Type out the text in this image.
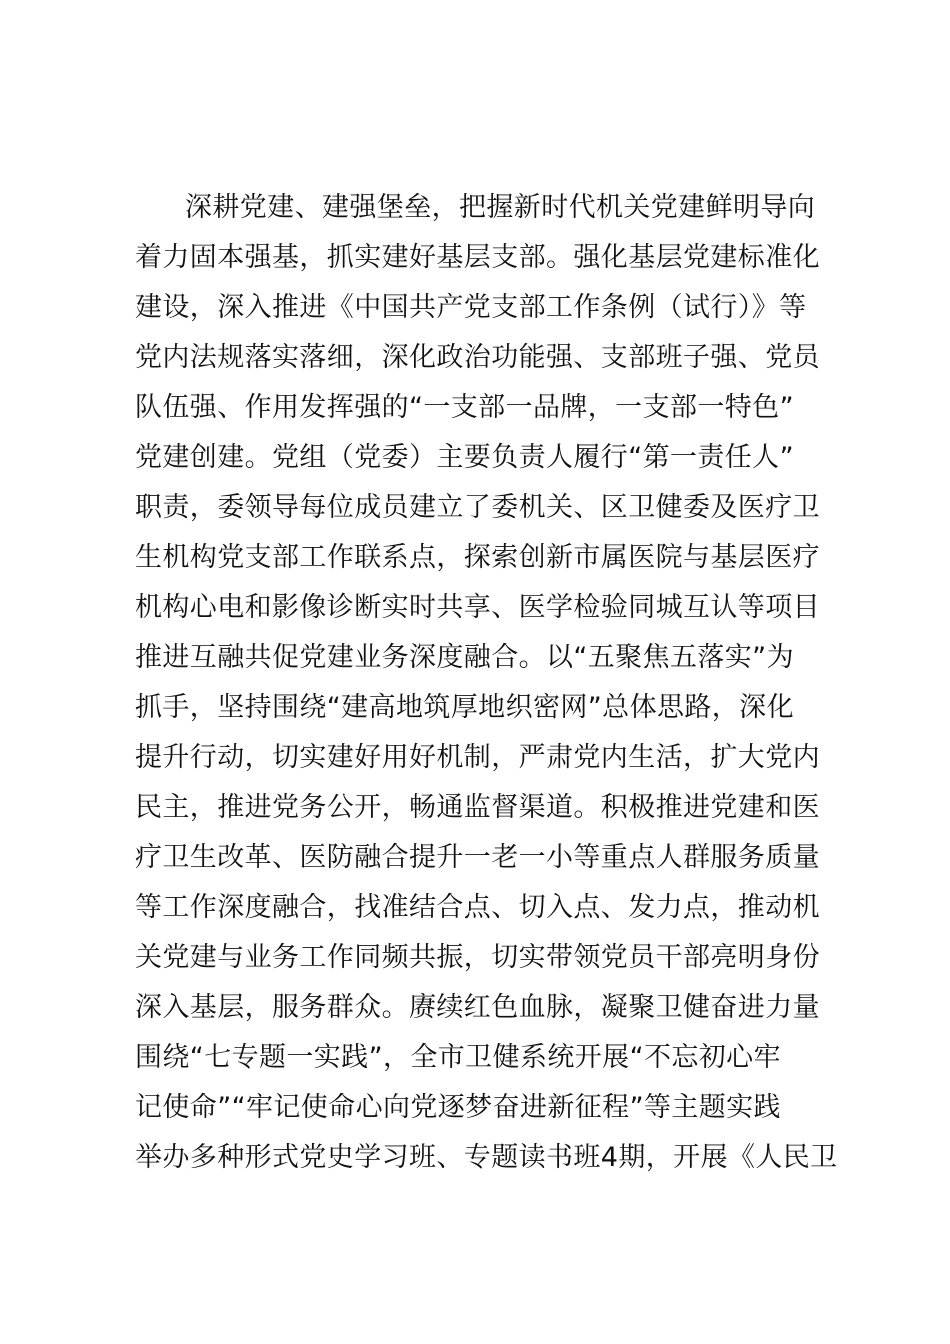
深耕党建、建强堡垒，把握新时代机关党建鲜明导向
着力固本强基，抓实建好基层支部。强化基层党建标准化
建设，深入推进《中国共产党支部工作条例（试行）》等
党内法规落实落细，深化政治功能强、支部班子强、党员
队伍强、作用发挥强的“一支部一品牌，一支部一特色”
党建创建。党组（党委）主要负责人履行“第一责任人”
职责，委领导每位成员建立了委机关、区卫健委及医疗卫
生机构党支部工作联系点，探索创新市属医院与基层医疗
机构心电和影像诊断实时共享、医学检验同城互认等项目
推进互融共促党建业务深度融合。以“五聚焦五落实”为
抓手，坚持围绕“建高地筑厚地织密网”总体思路，深化
提升行动，切实建好用好机制，严肃党内生活，扩大党内
民主，推进党务公开，畅通监督渠道。积极推进党建和医
疗卫生改革、医防融合提升一老一小等重点人群服务质量
等工作深度融合，找准结合点、切入点、发力点，推动机
关党建与业务工作同频共振，切实带领党员干部亮明身份
深入基层，服务群众。赓续红色血脉，凝聚卫健奋进力量
围绕“七专题一实践”，全市卫健系统开展“不忘初心牢
记使命”“牢记使命心向党逐梦奋进新征程”等主题实践
举办多种形式党史学习班、专题读书班4期，开展《人民卫
